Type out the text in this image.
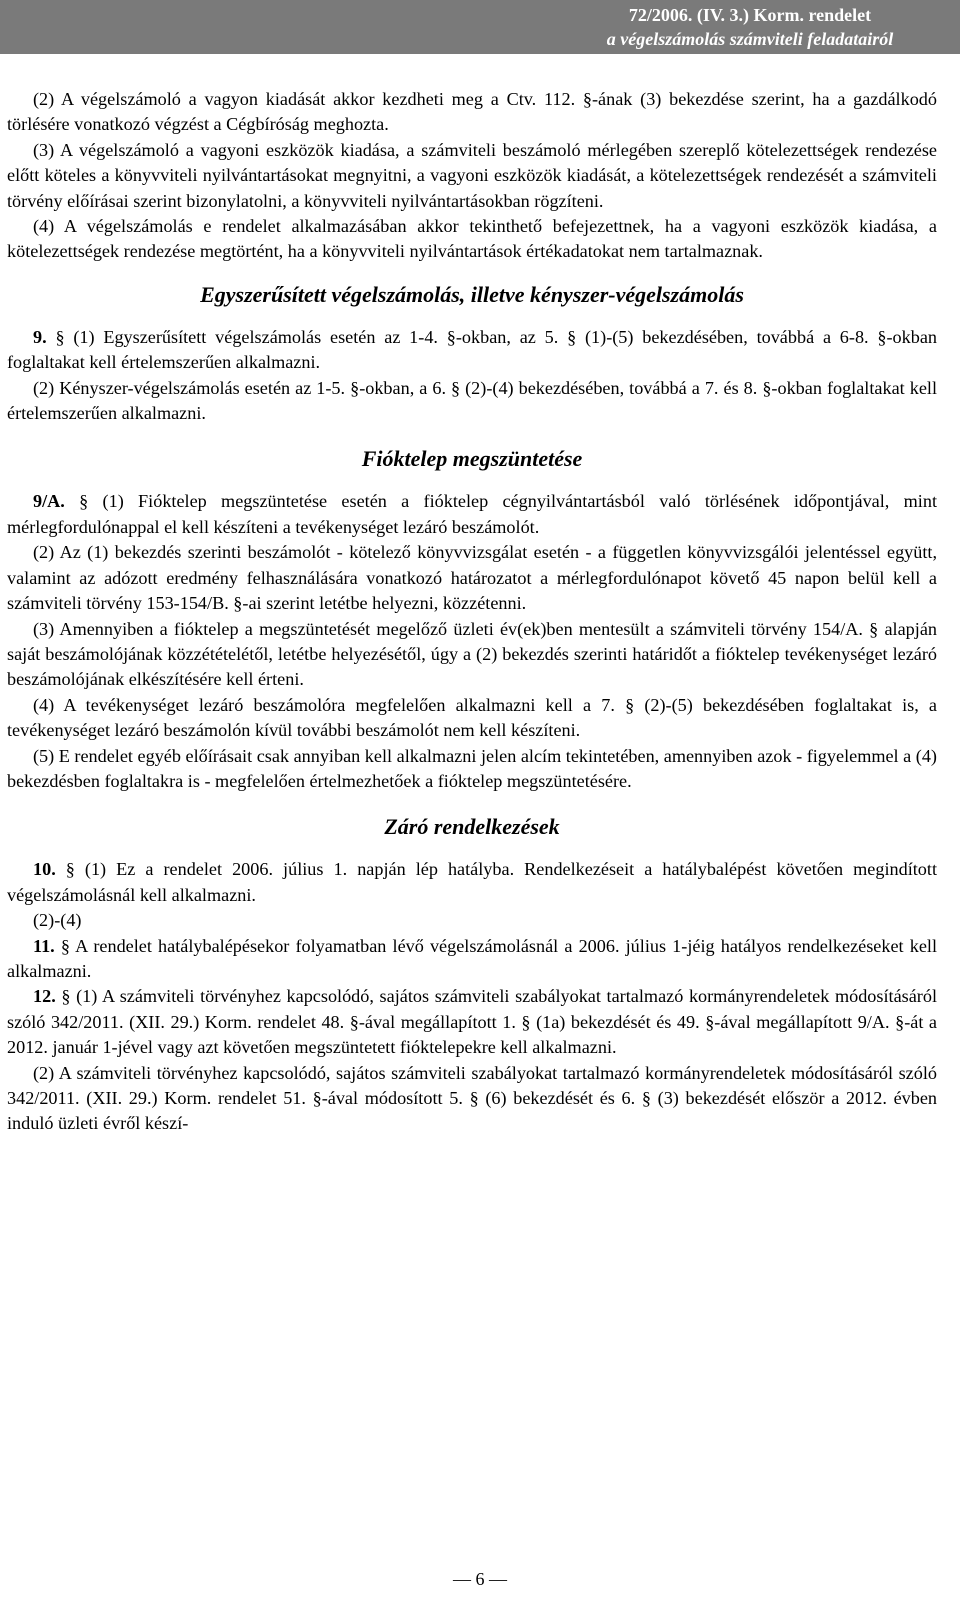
72/2006. (IV. 3.) Korm. rendelet
a végelszámolás számviteli feladatairól

(2) A végelszámoló a vagyon kiadását akkor kezdheti meg a Ctv. 112. §-ának (3) bekezdése szerint, ha a gazdálkodó törlésére vonatkozó végzést a Cégbíróság meghozta.

(3) A végelszámoló a vagyoni eszközök kiadása, a számviteli beszámoló mérlegében szereplő kötelezettségek rendezése előtt köteles a könyvviteli nyilvántartásokat megnyitni, a vagyoni eszközök kiadását, a kötelezettségek rendezését a számviteli törvény előírásai szerint bizonylatolni, a könyvviteli nyilvántartásokban rögzíteni.

(4) A végelszámolás e rendelet alkalmazásában akkor tekinthető befejezettnek, ha a vagyoni eszközök kiadása, a kötelezettségek rendezése megtörtént, ha a könyvviteli nyilvántartások értékadatokat nem tartalmaznak.

Egyszerűsített végelszámolás, illetve kényszer-végelszámolás

9. § (1) Egyszerűsített végelszámolás esetén az 1-4. §-okban, az 5. § (1)-(5) bekezdésében, továbbá a 6-8. §-okban foglaltakat kell értelemszerűen alkalmazni.

(2) Kényszer-végelszámolás esetén az 1-5. §-okban, a 6. § (2)-(4) bekezdésében, továbbá a 7. és 8. §-okban foglaltakat kell értelemszerűen alkalmazni.

Fióktelep megszüntetése

9/A. § (1) Fióktelep megszüntetése esetén a fióktelep cégnyilvántartásból való törlésének időpontjával, mint mérlegfordulónappal el kell készíteni a tevékenységet lezáró beszámolót.

(2) Az (1) bekezdés szerinti beszámolót - kötelező könyvvizsgálat esetén - a független könyvvizsgálói jelentéssel együtt, valamint az adózott eredmény felhasználására vonatkozó határozatot a mérlegfordulónapot követő 45 napon belül kell a számviteli törvény 153-154/B. §-ai szerint letétbe helyezni, közzétenni.

(3) Amennyiben a fióktelep a megszüntetését megelőző üzleti év(ek)ben mentesült a számviteli törvény 154/A. § alapján saját beszámolójának közzétételétől, letétbe helyezésétől, úgy a (2) bekezdés szerinti határidőt a fióktelep tevékenységet lezáró beszámolójának elkészítésére kell érteni.

(4) A tevékenységet lezáró beszámolóra megfelelően alkalmazni kell a 7. § (2)-(5) bekezdésében foglaltakat is, a tevékenységet lezáró beszámolón kívül további beszámolót nem kell készíteni.

(5) E rendelet egyéb előírásait csak annyiban kell alkalmazni jelen alcím tekintetében, amennyiben azok - figyelemmel a (4) bekezdésben foglaltakra is - megfelelően értelmezhetőek a fióktelep megszüntetésére.

Záró rendelkezések

10. § (1) Ez a rendelet 2006. július 1. napján lép hatályba. Rendelkezéseit a hatálybalépést követően megindított végelszámolásnál kell alkalmazni.

(2)-(4)

11. § A rendelet hatálybalépésekor folyamatban lévő végelszámolásnál a 2006. július 1-jéig hatályos rendelkezéseket kell alkalmazni.

12. § (1) A számviteli törvényhez kapcsolódó, sajátos számviteli szabályokat tartalmazó kormányrendeletek módosításáról szóló 342/2011. (XII. 29.) Korm. rendelet 48. §-ával megállapított 1. § (1a) bekezdését és 49. §-ával megállapított 9/A. §-át a 2012. január 1-jével vagy azt követően megszüntetett fióktelepekre kell alkalmazni.

(2) A számviteli törvényhez kapcsolódó, sajátos számviteli szabályokat tartalmazó kormányrendeletek módosításáról szóló 342/2011. (XII. 29.) Korm. rendelet 51. §-ával módosított 5. § (6) bekezdését és 6. § (3) bekezdését először a 2012. évben induló üzleti évről készí-

— 6 —
